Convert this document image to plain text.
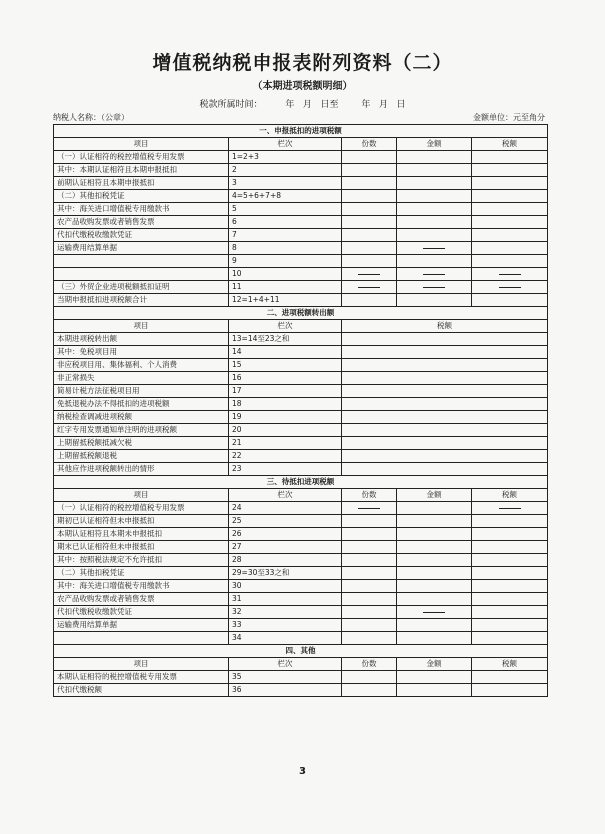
增值税纳税申报表附列资料（二）
（本期进项税额明细）
税款所属时间：        年   月   日至        年   月   日
纳税人名称：（公章）	金额单位：元至角分
一、申报抵扣的进项税额				
项目	栏次	份数	金额	税额
（一）认证相符的税控增值税专用发票	1=2+3			
其中：本期认证相符且本期申报抵扣	2			
前期认证相符且本期申报抵扣	3			
（二）其他扣税凭证	4=5+6+7+8			
其中：海关进口增值税专用缴款书	5			
农产品收购发票或者销售发票	6			
代扣代缴税收缴款凭证	7			
运输费用结算单据	8		

	9			
	10	

（三）外贸企业进项税额抵扣证明	11	

当期申报抵扣进项税额合计	12=1+4+11			
二、进项税额转出额				
项目	栏次	税额		
本期进项税转出额	13=14至23之和			
其中：免税项目用	14			
非应税项目用、集体福利、个人消费	15			
非正常损失	16			
简易计税方法征税项目用	17			
免抵退税办法不得抵扣的进项税额	18			
纳税检查调减进项税额	19			
红字专用发票通知单注明的进项税额	20			
上期留抵税额抵减欠税	21			
上期留抵税额退税	22			
其他应作进项税额转出的情形	23			
三、待抵扣进项税额				
项目	栏次	份数	金额	税额
（一）认证相符的税控增值税专用发票	24	

期初已认证相符但未申报抵扣	25			
本期认证相符且本期未申报抵扣	26			
期末已认证相符但未申报抵扣	27			
其中：按照税法规定不允许抵扣	28			
（二）其他扣税凭证	29=30至33之和			
其中：海关进口增值税专用缴款书	30			
农产品收购发票或者销售发票	31			
代扣代缴税收缴款凭证	32		

运输费用结算单据	33			
	34			
四、其他				
项目	栏次	份数	金额	税额
本期认证相符的税控增值税专用发票	35			
代扣代缴税额	36			
3
